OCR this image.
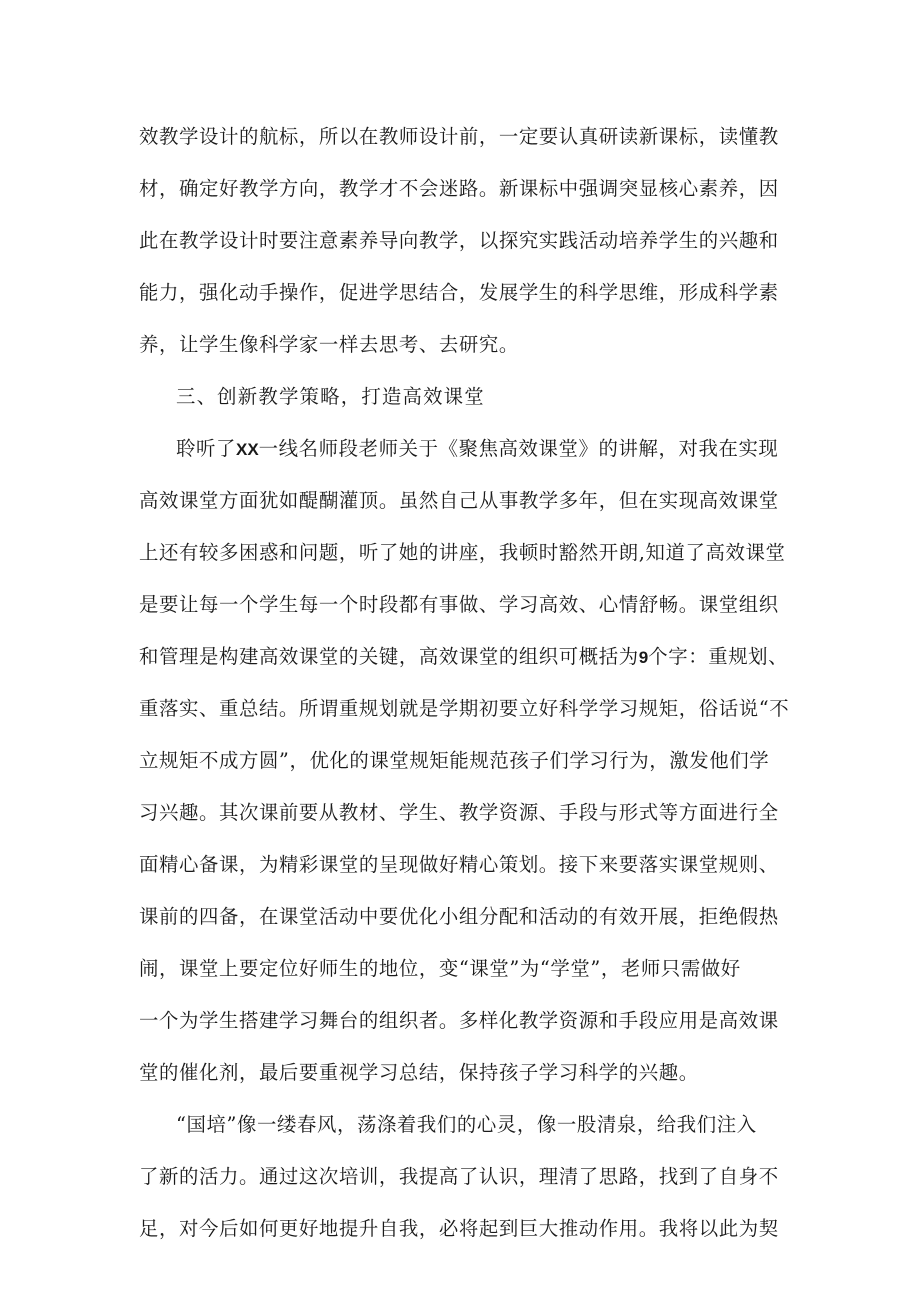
效教学设计的航标，所以在教师设计前，一定要认真研读新课标，读懂教
材，确定好教学方向，教学才不会迷路。新课标中强调突显核心素养，因
此在教学设计时要注意素养导向教学，以探究实践活动培养学生的兴趣和
能力，强化动手操作，促进学思结合，发展学生的科学思维，形成科学素
养，让学生像科学家一样去思考、去研究。
三、创新教学策略，打造高效课堂
聆听了XX一线名师段老师关于《聚焦高效课堂》的讲解，对我在实现
高效课堂方面犹如醍醐灌顶。虽然自己从事教学多年，但在实现高效课堂
上还有较多困惑和问题，听了她的讲座，我顿时豁然开朗,知道了高效课堂
是要让每一个学生每一个时段都有事做、学习高效、心情舒畅。课堂组织
和管理是构建高效课堂的关键，高效课堂的组织可概括为9个字：重规划、
重落实、重总结。所谓重规划就是学期初要立好科学学习规矩，俗话说“不
立规矩不成方圆”，优化的课堂规矩能规范孩子们学习行为，激发他们学
习兴趣。其次课前要从教材、学生、教学资源、手段与形式等方面进行全
面精心备课，为精彩课堂的呈现做好精心策划。接下来要落实课堂规则、
课前的四备，在课堂活动中要优化小组分配和活动的有效开展，拒绝假热
闹，课堂上要定位好师生的地位，变“课堂”为“学堂”，老师只需做好
一个为学生搭建学习舞台的组织者。多样化教学资源和手段应用是高效课
堂的催化剂，最后要重视学习总结，保持孩子学习科学的兴趣。
“国培”像一缕春风，荡涤着我们的心灵，像一股清泉，给我们注入
了新的活力。通过这次培训，我提高了认识，理清了思路，找到了自身不
足，对今后如何更好地提升自我，必将起到巨大推动作用。我将以此为契
